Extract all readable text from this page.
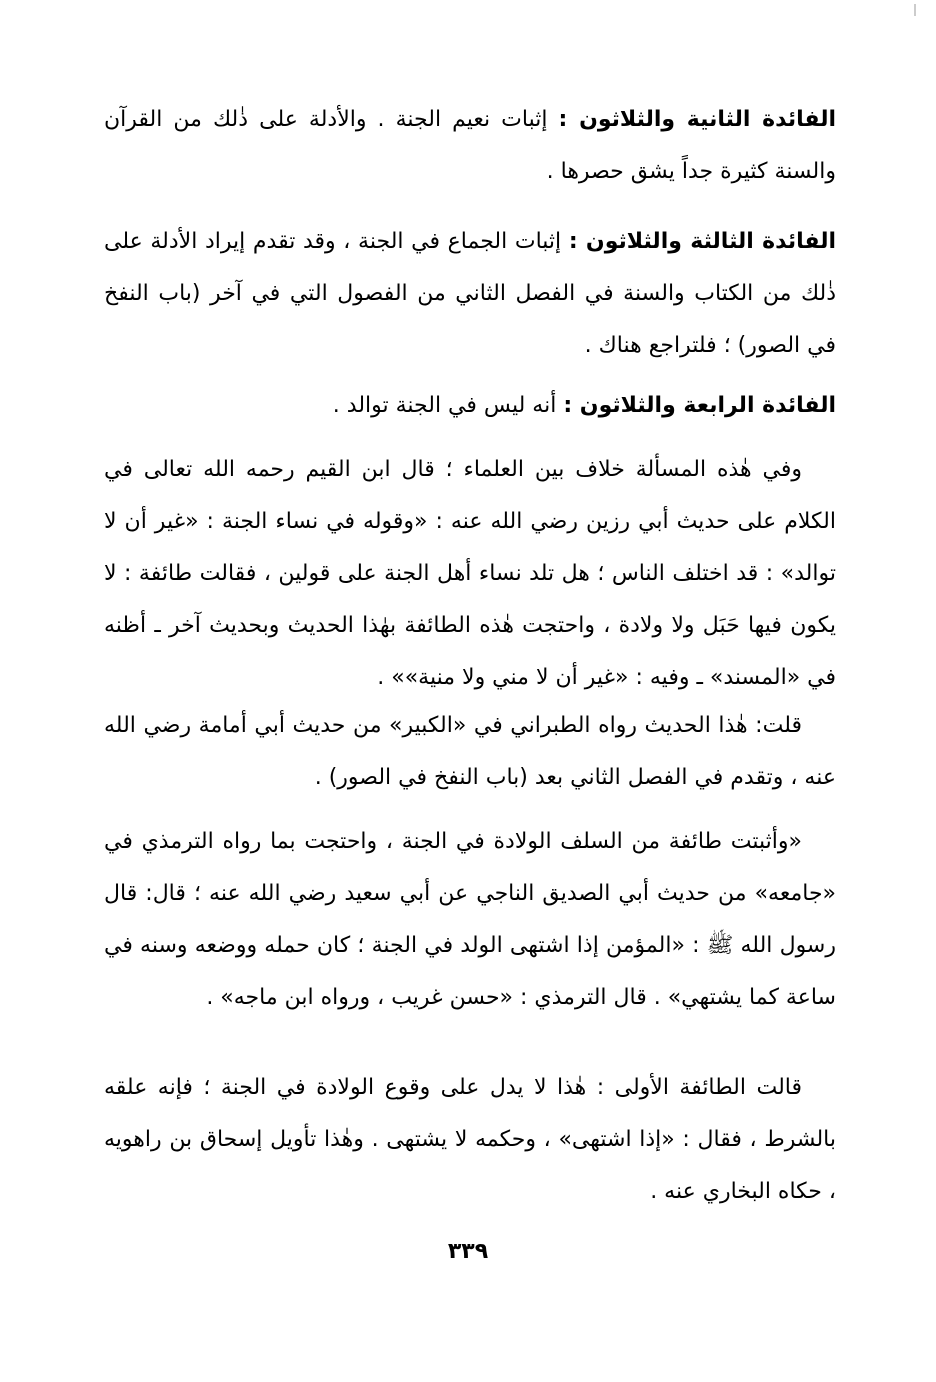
الفائدة الثانية والثلاثون : إثبات نعيم الجنة . والأدلة على ذٰلك من القرآن والسنة كثيرة جداً يشق حصرها .

الفائدة الثالثة والثلاثون : إثبات الجماع في الجنة ، وقد تقدم إيراد الأدلة على ذٰلك من الكتاب والسنة في الفصل الثاني من الفصول التي في آخر (باب النفخ في الصور) ؛ فلتراجع هناك .

الفائدة الرابعة والثلاثون : أنه ليس في الجنة توالد .

وفي هٰذه المسألة خلاف بين العلماء ؛ قال ابن القيم رحمه الله تعالى في الكلام على حديث أبي رزين رضي الله عنه : «وقوله في نساء الجنة : «غير أن لا توالد» : قد اختلف الناس ؛ هل تلد نساء أهل الجنة على قولين ، فقالت طائفة : لا يكون فيها حَبَل ولا ولادة ، واحتجت هٰذه الطائفة بهٰذا الحديث وبحديث آخر ـ أظنه في «المسند» ـ وفيه : «غير أن لا مني ولا منية»» .

قلت: هٰذا الحديث رواه الطبراني في «الكبير» من حديث أبي أمامة رضي الله عنه ، وتقدم في الفصل الثاني بعد (باب النفخ في الصور) .

«وأثبتت طائفة من السلف الولادة في الجنة ، واحتجت بما رواه الترمذي في «جامعه» من حديث أبي الصديق الناجي عن أبي سعيد رضي الله عنه ؛ قال: قال رسول الله ﷺ : «المؤمن إذا اشتهى الولد في الجنة ؛ كان حمله ووضعه وسنه في ساعة كما يشتهي» . قال الترمذي : «حسن غريب ، ورواه ابن ماجه» .

قالت الطائفة الأولى : هٰذا لا يدل على وقوع الولادة في الجنة ؛ فإنه علقه بالشرط ، فقال : «إذا اشتهى» ، وحكمه لا يشتهى . وهٰذا تأويل إسحاق بن راهويه ، حكاه البخاري عنه .

٣٣٩
